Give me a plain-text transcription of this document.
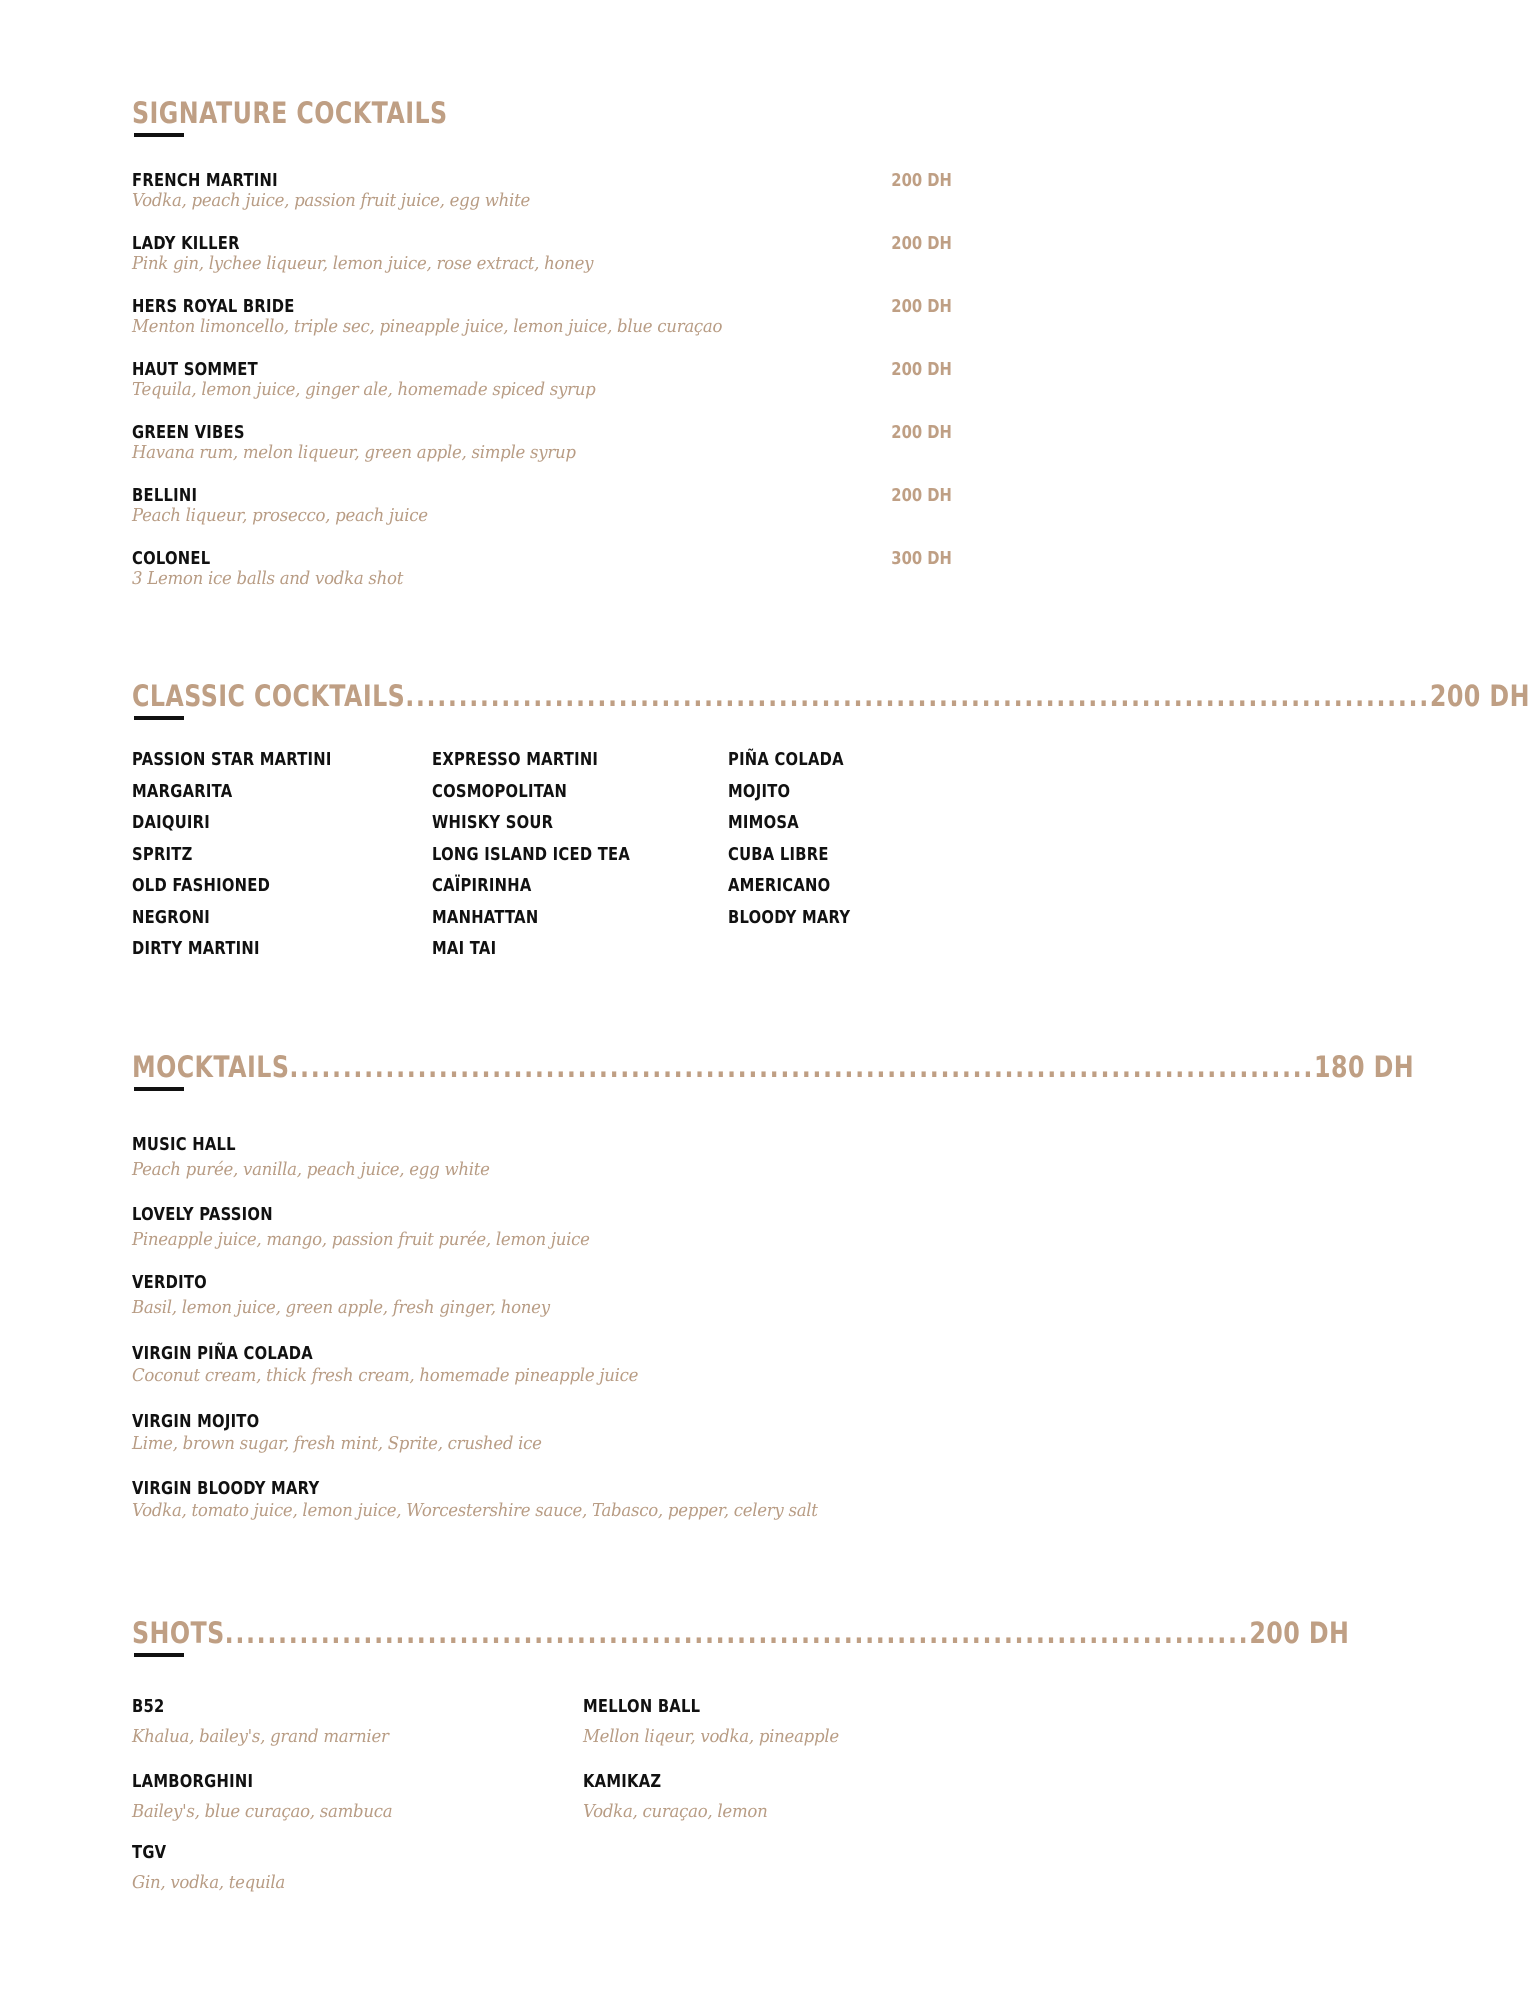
SIGNATURE COCKTAILS
FRENCH MARTINI	200 DH
Vodka, peach juice, passion fruit juice, egg white
LADY KILLER	200 DH
Pink gin, lychee liqueur, lemon juice, rose extract, honey
HERS ROYAL BRIDE	200 DH
Menton limoncello, triple sec, pineapple juice, lemon juice, blue curaçao
HAUT SOMMET	200 DH
Tequila, lemon juice, ginger ale, homemade spiced syrup
GREEN VIBES	200 DH
Havana rum, melon liqueur, green apple, simple syrup
BELLINI	200 DH
Peach liqueur, prosecco, peach juice
COLONEL	300 DH
3 Lemon ice balls and vodka shot
CLASSIC COCKTAILS ................................................................................................ 200 DH
PASSION STAR MARTINI
MARGARITA
DAIQUIRI
SPRITZ
OLD FASHIONED
NEGRONI
DIRTY MARTINI
EXPRESSO MARTINI
COSMOPOLITAN
WHISKY SOUR
LONG ISLAND ICED TEA
CAÏPIRINHA
MANHATTAN
MAI TAI
PIÑA COLADA
MOJITO
MIMOSA
CUBA LIBRE
AMERICANO
BLOODY MARY
MOCKTAILS ................................................................................................ 180 DH
MUSIC HALL
Peach purée, vanilla, peach juice, egg white
LOVELY PASSION
Pineapple juice, mango, passion fruit purée, lemon juice
VERDITO
Basil, lemon juice, green apple, fresh ginger, honey
VIRGIN PIÑA COLADA
Coconut cream, thick fresh cream, homemade pineapple juice
VIRGIN MOJITO
Lime, brown sugar, fresh mint, Sprite, crushed ice
VIRGIN BLOODY MARY
Vodka, tomato juice, lemon juice, Worcestershire sauce, Tabasco, pepper, celery salt
SHOTS ................................................................................................ 200 DH
B52
Khalua, bailey's, grand marnier
MELLON BALL
Mellon liqeur, vodka, pineapple
LAMBORGHINI
Bailey's, blue curaçao, sambuca
KAMIKAZ
Vodka, curaçao, lemon
TGV
Gin, vodka, tequila
